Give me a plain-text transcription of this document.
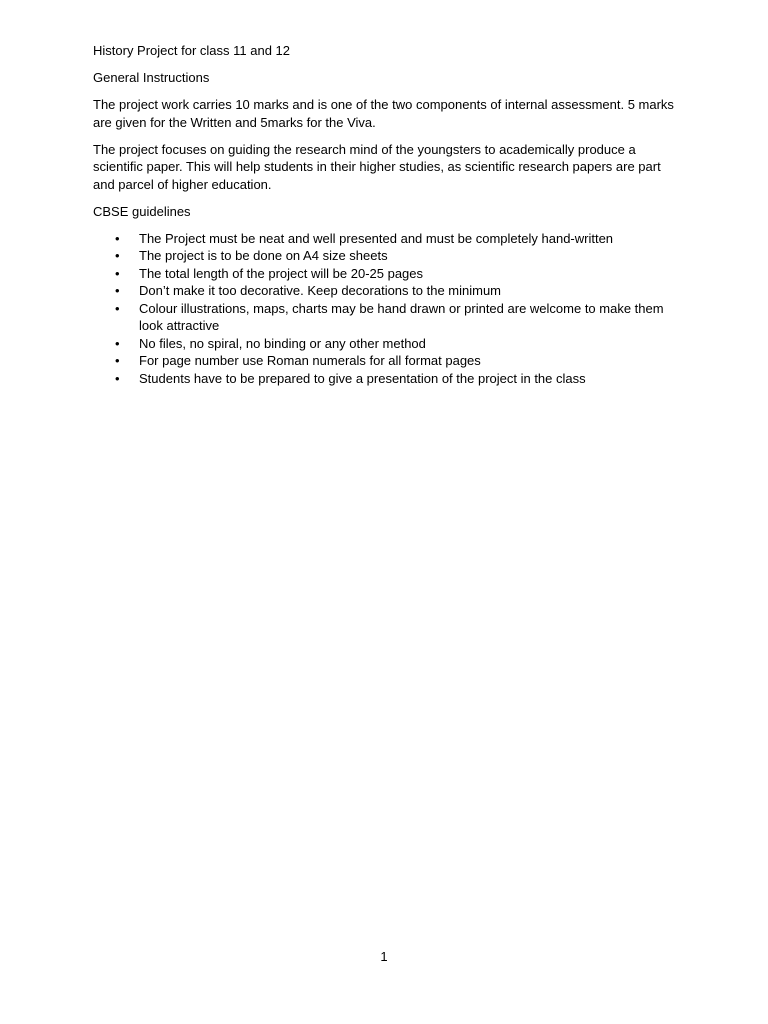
History Project for class 11 and 12

General Instructions

The project work carries 10 marks and is one of the two components of internal assessment. 5 marks are given for the Written and 5marks for the Viva.

The project focuses on guiding the research mind of the youngsters to academically produce a scientific paper. This will help students in their higher studies, as scientific research papers are part and parcel of higher education.

CBSE guidelines

• The Project must be neat and well presented and must be completely hand-written
• The project is to be done on A4 size sheets
• The total length of the project will be 20-25 pages
• Don’t make it too decorative. Keep decorations to the minimum
• Colour illustrations, maps, charts may be hand drawn or printed are welcome to make them look attractive
• No files, no spiral, no binding or any other method
• For page number use Roman numerals for all format pages
• Students have to be prepared to give a presentation of the project in the class
1
